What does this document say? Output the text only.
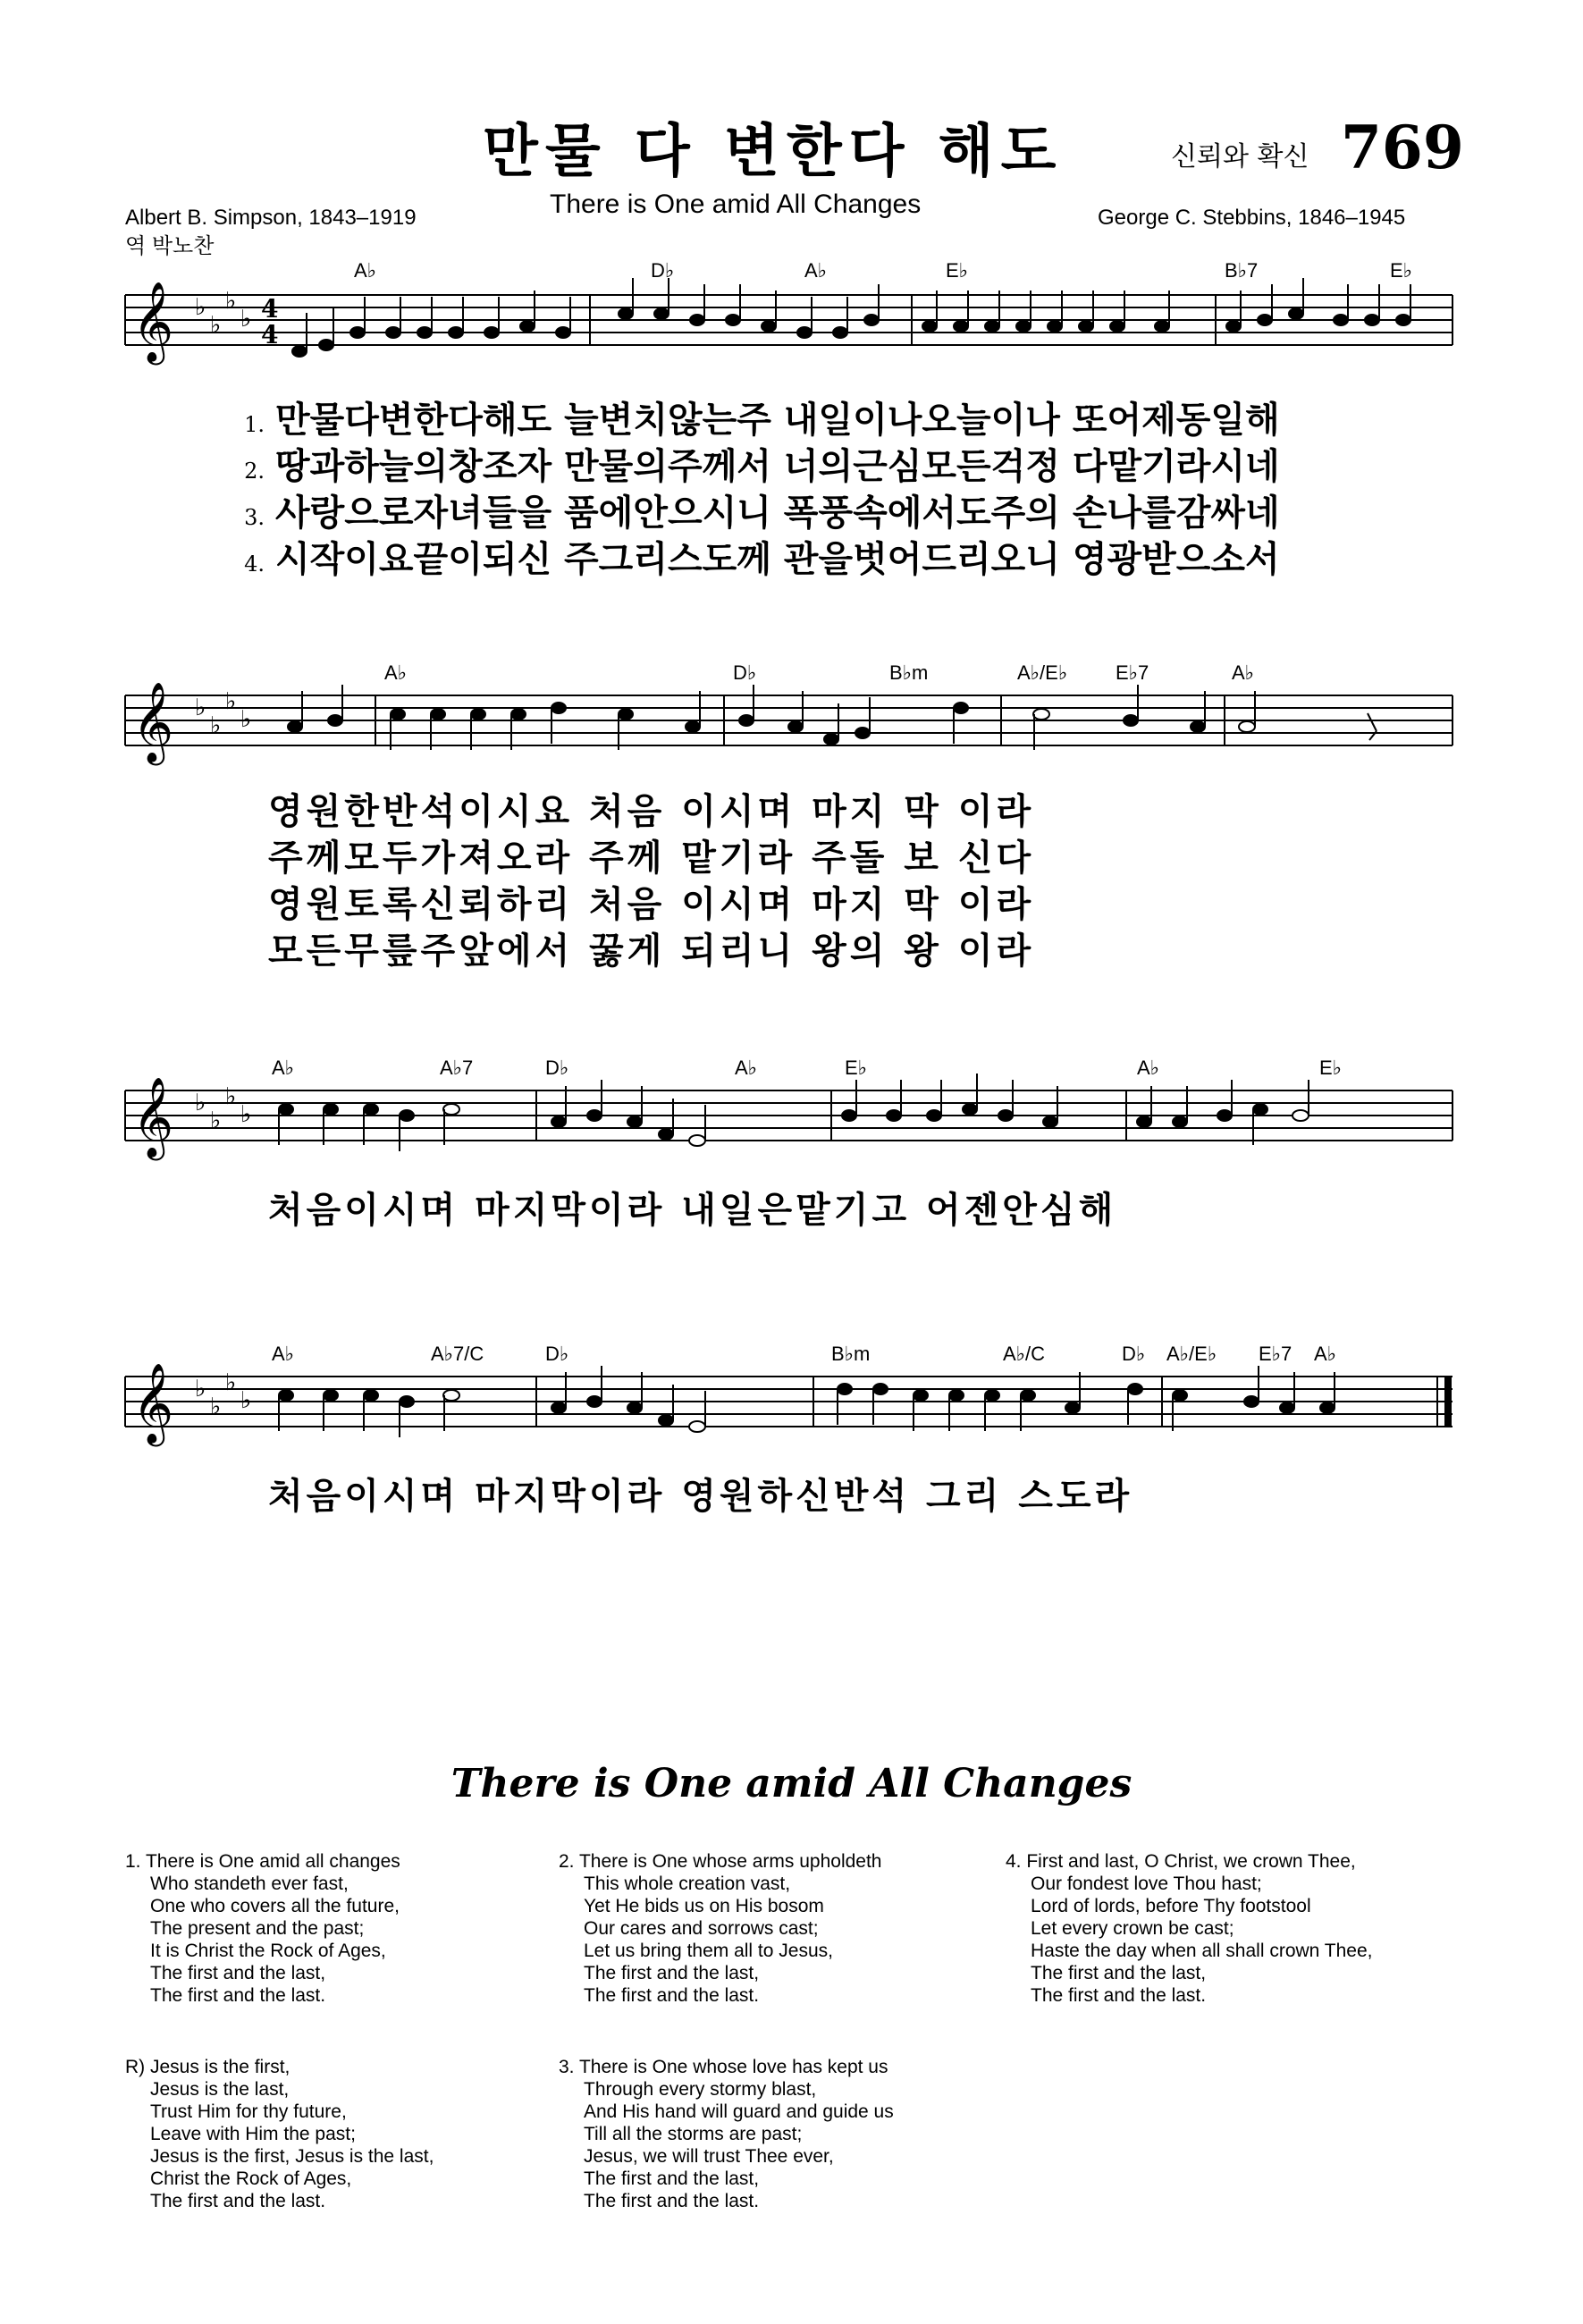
만물 다 변한다 해도
There is One amid All Changes
신뢰와 확신 769
Albert B. Simpson, 1843–1919
역 박노찬
George C. Stebbins, 1846–1945
A♭	D♭	A♭	E♭	B♭7	E♭
𝄞 ♭
♭
♭
♭ 4
4
1. 만물다변한다해도 늘변치않는주 내일이나오늘이나 또어제동일해
2. 땅과하늘의창조자 만물의주께서 너의근심모든걱정 다맡기라시네
3. 사랑으로자녀들을 품에안으시니 폭풍속에서도주의 손나를감싸네
4. 시작이요끝이되신 주그리스도께 관을벗어드리오니 영광받으소서
A♭	D♭	B♭m	A♭/E♭ E♭7	A♭
𝄞 ♭
♭
♭
♭
영원한반석이시요 처음 이시며 마지 막 이라
주께모두가져오라 주께 맡기라 주돌 보 신다
영원토록신뢰하리 처음 이시며 마지 막 이라
모든무릎주앞에서 꿇게 되리니 왕의 왕 이라
A♭	A♭7	D♭	A♭	E♭	A♭	E♭
𝄞 ♭
♭
♭
♭
처음이시며 마지막이라 내일은맡기고 어젠안심해
A♭	A♭7/C	D♭	B♭m	A♭/C	D♭ A♭/E♭ E♭7 A♭
𝄞 ♭
♭
♭
♭
처음이시며 마지막이라 영원하신반석 그리 스도라
There is One amid All Changes
1. There is One amid all changes
Who standeth ever fast,
One who covers all the future,
The present and the past;
It is Christ the Rock of Ages,
The first and the last,
The first and the last.
2. There is One whose arms upholdeth
This whole creation vast,
Yet He bids us on His bosom
Our cares and sorrows cast;
Let us bring them all to Jesus,
The first and the last,
The first and the last.
4. First and last, O Christ, we crown Thee,
Our fondest love Thou hast;
Lord of lords, before Thy footstool
Let every crown be cast;
Haste the day when all shall crown Thee,
The first and the last,
The first and the last.
R) Jesus is the first,
Jesus is the last,
Trust Him for thy future,
Leave with Him the past;
Jesus is the first, Jesus is the last,
Christ the Rock of Ages,
The first and the last.
3. There is One whose love has kept us
Through every stormy blast,
And His hand will guard and guide us
Till all the storms are past;
Jesus, we will trust Thee ever,
The first and the last,
The first and the last.
